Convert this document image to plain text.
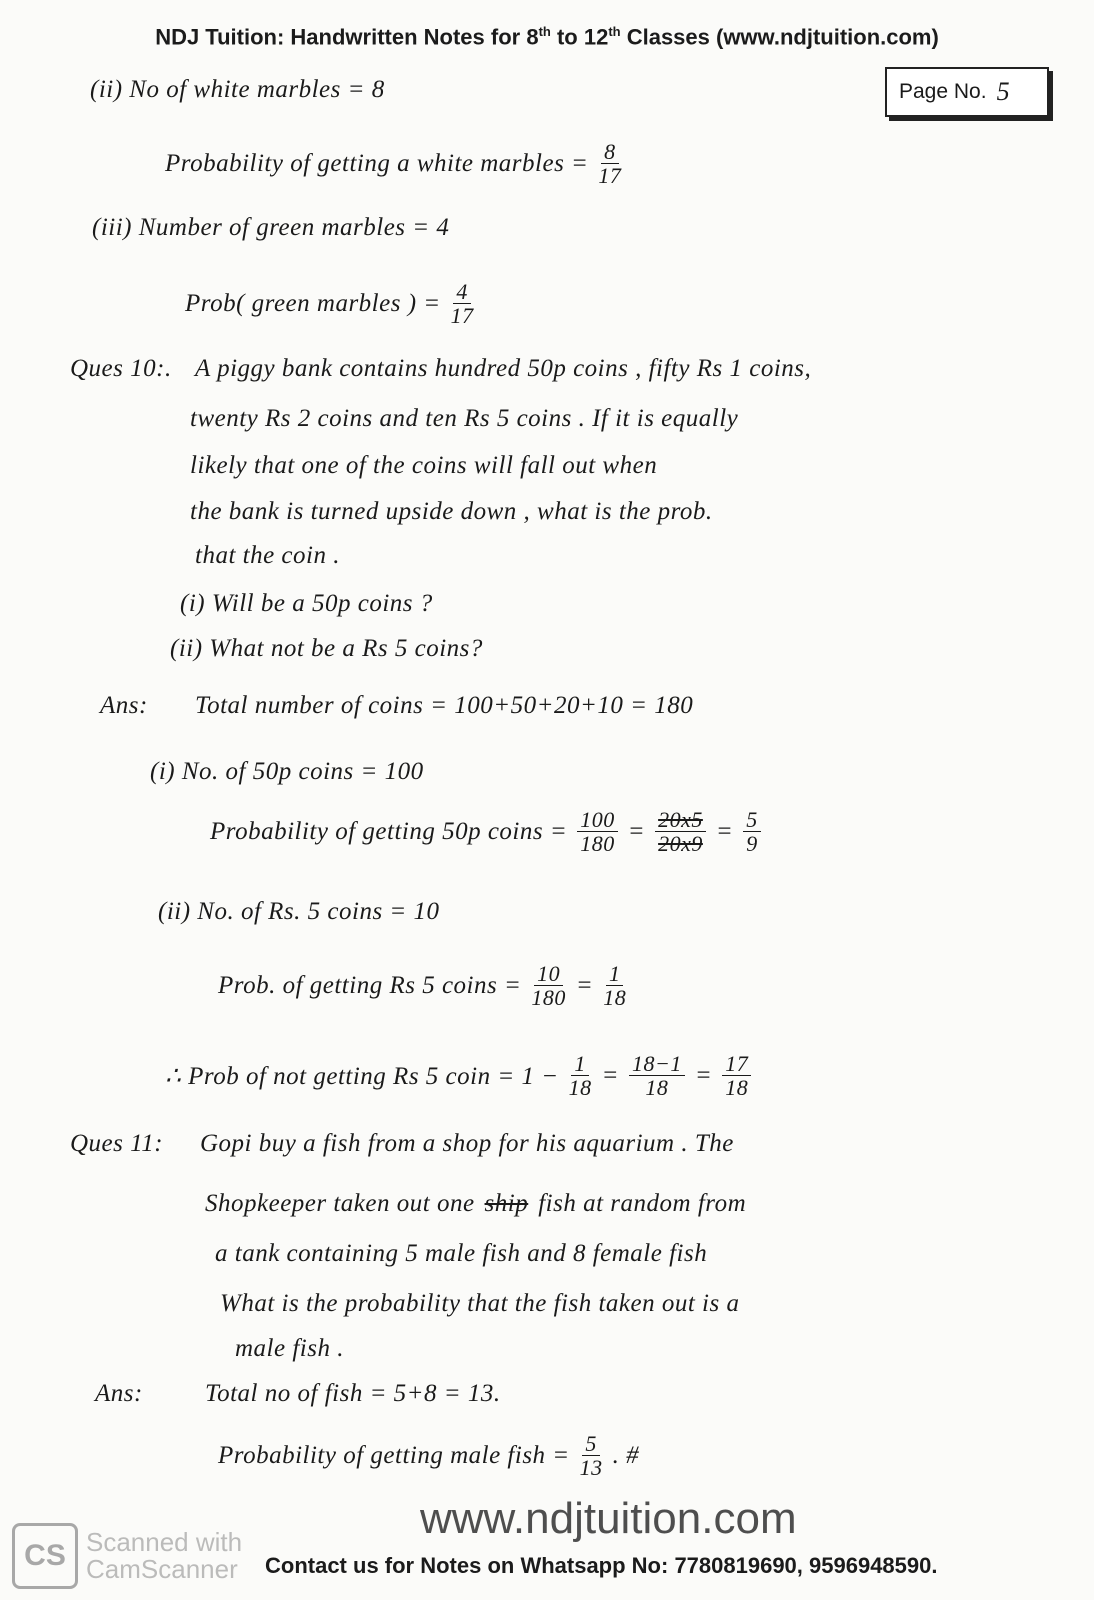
NDJ Tuition: Handwritten Notes for 8th to 12th Classes (www.ndjtuition.com)
Page No. 5
(ii) No of white marbles = 8
Probability of getting a white marbles = $\frac{8}{17}$
(iii) Number of green marbles = 4
Prob( green marbles ) = $\frac{4}{17}$
Ques 10:. A piggy bank contains hundred 50p coins , fifty Rs 1 coins,
twenty Rs 2 coins and ten Rs 5 coins . If it is equally
likely that one of the coins will fall out when
the bank is turned upside down , what is the prob.
that the coin .
(i) Will be a 50p coins ?
(ii) What not be a Rs 5 coins?
Ans:	Total number of coins = 100+50+20+10 = 180
(i) No. of 50p coins = 100
Probability of getting 50p coins = $\frac{100}{180} = \frac{20x5}{20x9} = \frac{5}{9}$
(ii) No. of Rs. 5 coins = 10
Prob. of getting Rs 5 coins = $\frac{10}{180} = \frac{1}{18}$
∴ Prob of not getting Rs 5 coin = $1 - \frac{1}{18} = \frac{18-1}{18} = \frac{17}{18}$
Ques 11:	Gopi buy a fish from a shop for his aquarium . The
Shopkeeper taken out one ship fish at random from
a tank containing 5 male fish and 8 female fish
What is the probability that the fish taken out is a
male fish .
Ans:	Total no of fish = 5+8 = 13.
Probability of getting male fish = $\frac{5}{13}$ . #
www.ndjtuition.com
CS Scanned with
CamScanner Contact us for Notes on Whatsapp No: 7780819690, 9596948590.
